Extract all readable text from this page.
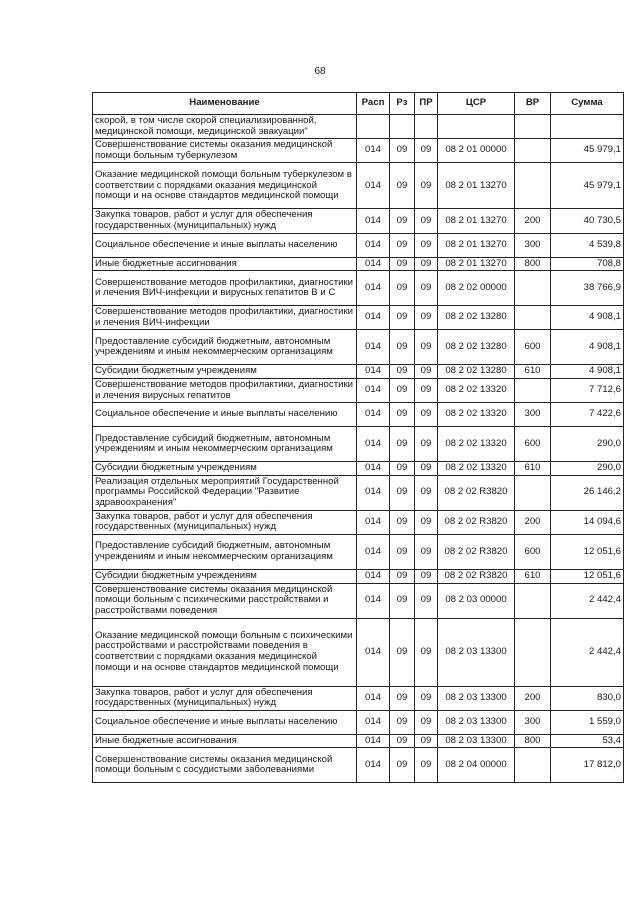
68
Наименование	Расп	Рз	ПР	ЦСР	ВР	Сумма
скорой, в том числе скорой специализированной, медицинской помощи, медицинской эвакуации"						
Совершенствование системы оказания медицинской помощи больным туберкулезом	014	09	09	08 2 01 00000		45 979,1
Оказание медицинской помощи больным туберкулезом в соответствии с порядками оказания медицинской помощи и на основе стандартов медицинской помощи	014	09	09	08 2 01 13270		45 979,1
Закупка товаров, работ и услуг для обеспечения государственных (муниципальных) нужд	014	09	09	08 2 01 13270	200	40 730,5
Социальное обеспечение и иные выплаты населению	014	09	09	08 2 01 13270	300	4 539,8
Иные бюджетные ассигнования	014	09	09	08 2 01 13270	800	708,8
Совершенствование методов профилактики, диагностики и лечения ВИЧ-инфекции и вирусных гепатитов В и С	014	09	09	08 2 02 00000		38 766,9
Совершенствование методов профилактики, диагностики и лечения ВИЧ-инфекции	014	09	09	08 2 02 13280		4 908,1
Предоставление субсидий бюджетным, автономным учреждениям и иным некоммерческим организациям	014	09	09	08 2 02 13280	600	4 908,1
Субсидии бюджетным учреждениям	014	09	09	08 2 02 13280	610	4 908,1
Совершенствование методов профилактики, диагностики и лечения вирусных гепатитов	014	09	09	08 2 02 13320		7 712,6
Социальное обеспечение и иные выплаты населению	014	09	09	08 2 02 13320	300	7 422,6
Предоставление субсидий бюджетным, автономным учреждениям и иным некоммерческим организациям	014	09	09	08 2 02 13320	600	290,0
Субсидии бюджетным учреждениям	014	09	09	08 2 02 13320	610	290,0
Реализация отдельных мероприятий Государственной программы Российской Федерации "Развитие здравоохранения"	014	09	09	08 2 02 R3820		26 146,2
Закупка товаров, работ и услуг для обеспечения государственных (муниципальных) нужд	014	09	09	08 2 02 R3820	200	14 094,6
Предоставление субсидий бюджетным, автономным учреждениям и иным некоммерческим организациям	014	09	09	08 2 02 R3820	600	12 051,6
Субсидии бюджетным учреждениям	014	09	09	08 2 02 R3820	610	12 051,6
Совершенствование системы оказания медицинской помощи больным с психическими расстройствами и расстройствами поведения	014	09	09	08 2 03 00000		2 442,4
Оказание медицинской помощи больным с психическими расстройствами и расстройствами поведения в соответствии с порядками оказания медицинской помощи и на основе стандартов медицинской помощи	014	09	09	08 2 03 13300		2 442,4
Закупка товаров, работ и услуг для обеспечения государственных (муниципальных) нужд	014	09	09	08 2 03 13300	200	830,0
Социальное обеспечение и иные выплаты населению	014	09	09	08 2 03 13300	300	1 559,0
Иные бюджетные ассигнования	014	09	09	08 2 03 13300	800	53,4
Совершенствование системы оказания медицинской помощи больным с сосудистыми заболеваниями	014	09	09	08 2 04 00000		17 812,0
